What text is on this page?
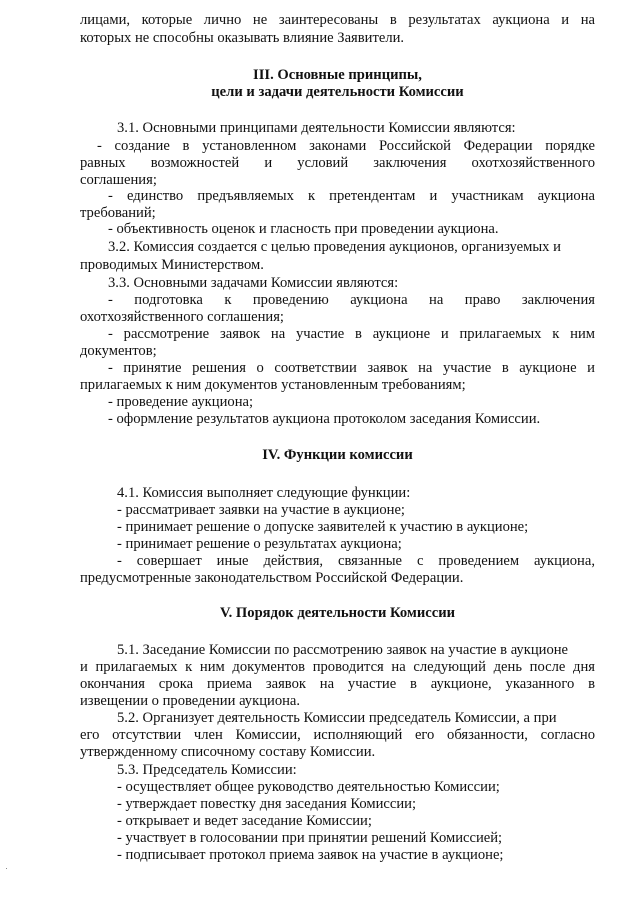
лицами, которые лично не заинтересованы в результатах аукциона и на
которых не способны оказывать влияние Заявители.
III. Основные принципы,
цели и задачи деятельности Комиссии
3.1. Основными принципами деятельности Комиссии являются:
- создание в установленном законами Российской Федерации порядке
равных возможностей и условий заключения охотхозяйственного
соглашения;
- единство предъявляемых к претендентам и участникам аукциона
требований;
- объективность оценок и гласность при проведении аукциона.
3.2. Комиссия создается с целью проведения аукционов, организуемых и
проводимых Министерством.
3.3. Основными задачами Комиссии являются:
- подготовка к проведению аукциона на право заключения
охотхозяйственного соглашения;
- рассмотрение заявок на участие в аукционе и прилагаемых к ним
документов;
- принятие решения о соответствии заявок на участие в аукционе и
прилагаемых к ним документов установленным требованиям;
- проведение аукциона;
- оформление результатов аукциона протоколом заседания Комиссии.
IV. Функции комиссии
4.1. Комиссия выполняет следующие функции:
- рассматривает заявки на участие в аукционе;
- принимает решение о допуске заявителей к участию в аукционе;
- принимает решение о результатах аукциона;
- совершает иные действия, связанные с проведением аукциона,
предусмотренные законодательством Российской Федерации.
V. Порядок деятельности Комиссии
5.1. Заседание Комиссии по рассмотрению заявок на участие в аукционе
и прилагаемых к ним документов проводится на следующий день после дня
окончания срока приема заявок на участие в аукционе, указанного в
извещении о проведении аукциона.
5.2. Организует деятельность Комиссии председатель Комиссии, а при
его отсутствии член Комиссии, исполняющий его обязанности, согласно
утвержденному списочному составу Комиссии.
5.3. Председатель Комиссии:
- осуществляет общее руководство деятельностью Комиссии;
- утверждает повестку дня заседания Комиссии;
- открывает и ведет заседание Комиссии;
- участвует в голосовании при принятии решений Комиссией;
- подписывает протокол приема заявок на участие в аукционе;
